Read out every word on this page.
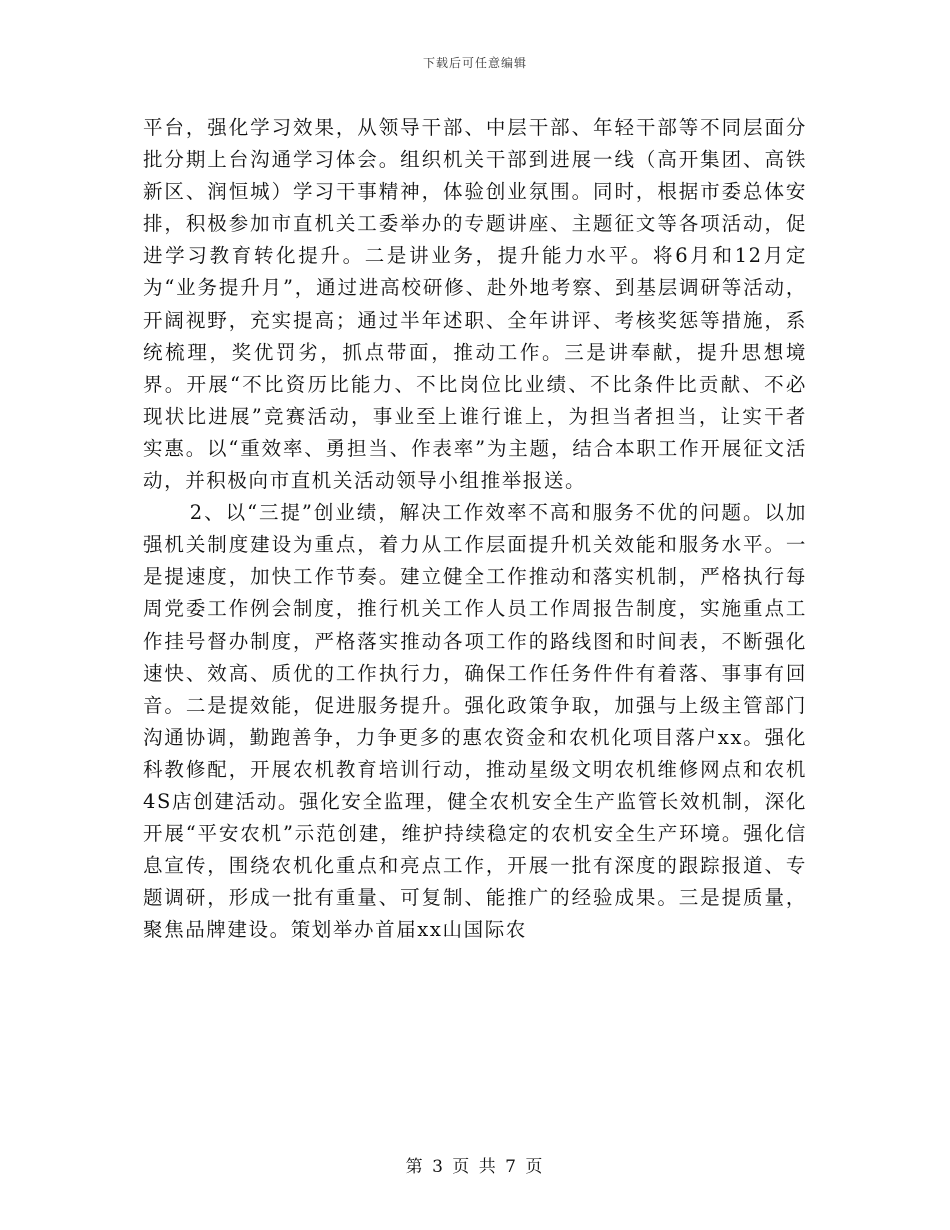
下载后可任意编辑

平台，强化学习效果，从领导干部、中层干部、年轻干部等不同层面分批分期上台沟通学习体会。组织机关干部到进展一线（高开集团、高铁新区、润恒城）学习干事精神，体验创业氛围。同时，根据市委总体安排，积极参加市直机关工委举办的专题讲座、主题征文等各项活动，促进学习教育转化提升。二是讲业务，提升能力水平。将6月和12月定为“业务提升月”，通过进高校研修、赴外地考察、到基层调研等活动，开阔视野，充实提高；通过半年述职、全年讲评、考核奖惩等措施，系统梳理，奖优罚劣，抓点带面，推动工作。三是讲奉献，提升思想境界。开展“不比资历比能力、不比岗位比业绩、不比条件比贡献、不必现状比进展”竞赛活动，事业至上谁行谁上，为担当者担当，让实干者实惠。以“重效率、勇担当、作表率”为主题，结合本职工作开展征文活动，并积极向市直机关活动领导小组推举报送。

2、以“三提”创业绩，解决工作效率不高和服务不优的问题。以加强机关制度建设为重点，着力从工作层面提升机关效能和服务水平。一是提速度，加快工作节奏。建立健全工作推动和落实机制，严格执行每周党委工作例会制度，推行机关工作人员工作周报告制度，实施重点工作挂号督办制度，严格落实推动各项工作的路线图和时间表，不断强化速快、效高、质优的工作执行力，确保工作任务件件有着落、事事有回音。二是提效能，促进服务提升。强化政策争取，加强与上级主管部门沟通协调，勤跑善争，力争更多的惠农资金和农机化项目落户xx。强化科教修配，开展农机教育培训行动，推动星级文明农机维修网点和农机4S店创建活动。强化安全监理，健全农机安全生产监管长效机制，深化开展“平安农机”示范创建，维护持续稳定的农机安全生产环境。强化信息宣传，围绕农机化重点和亮点工作，开展一批有深度的跟踪报道、专题调研，形成一批有重量、可复制、能推广的经验成果。三是提质量，聚焦品牌建设。策划举办首届xx山国际农

第 3 页 共 7 页
